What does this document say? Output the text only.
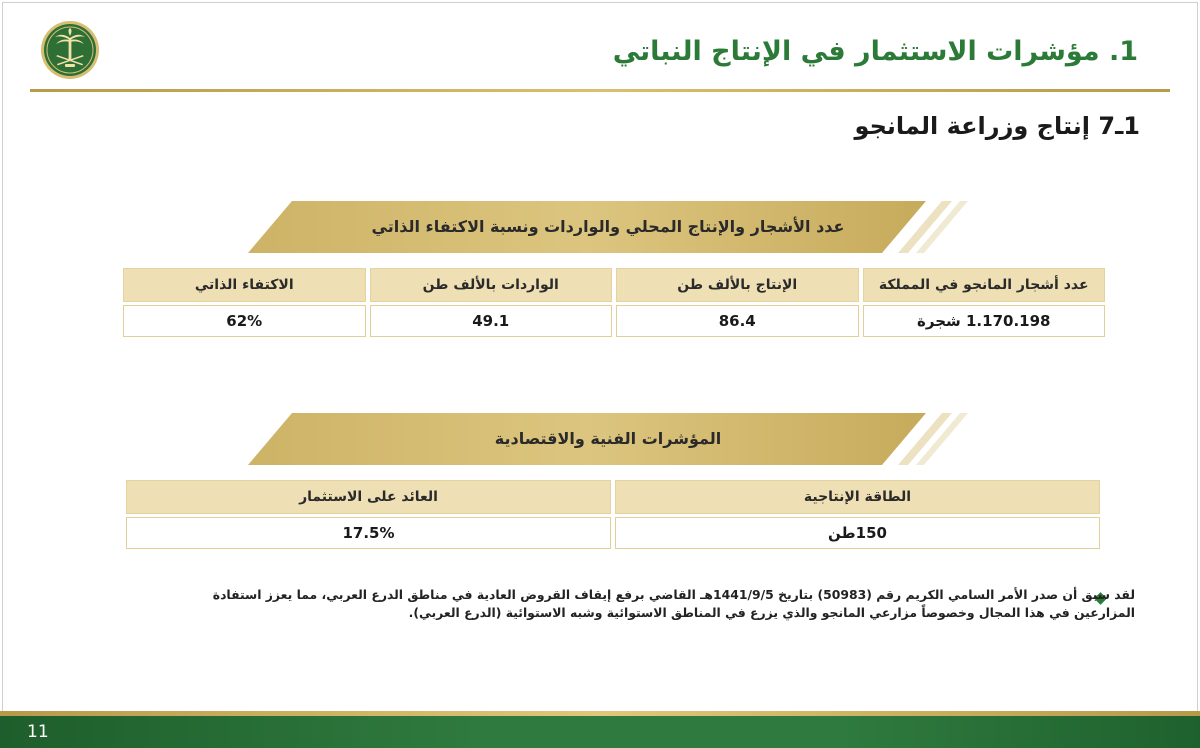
1. مؤشرات الاستثمار في الإنتاج النباتي
1ـ7 إنتاج وزراعة المانجو
عدد الأشجار والإنتاج المحلي والواردات ونسبة الاكتفاء الذاتي
عدد أشجار المانجو في المملكة	الإنتاج بالألف طن	الواردات بالألف طن	الاكتفاء الذاتي

1.170.198 شجرة	86.4	49.1	62%
المؤشرات الفنية والاقتصادية
الطاقة الإنتاجية	العائد على الاستثمار

150طن	17.5%
لقد سبق أن صدر الأمر السامي الكريم رقم (50983) بتاريخ 1441/9/5هـ القاضي برفع إيقاف القروض العادية في مناطق الدرع العربي، مما يعزز استفادة المزارعين في هذا المجال وخصوصاً مزارعي المانجو والذي يزرع في المناطق الاستوائية وشبه الاستوائية (الدرع العربي).
11
